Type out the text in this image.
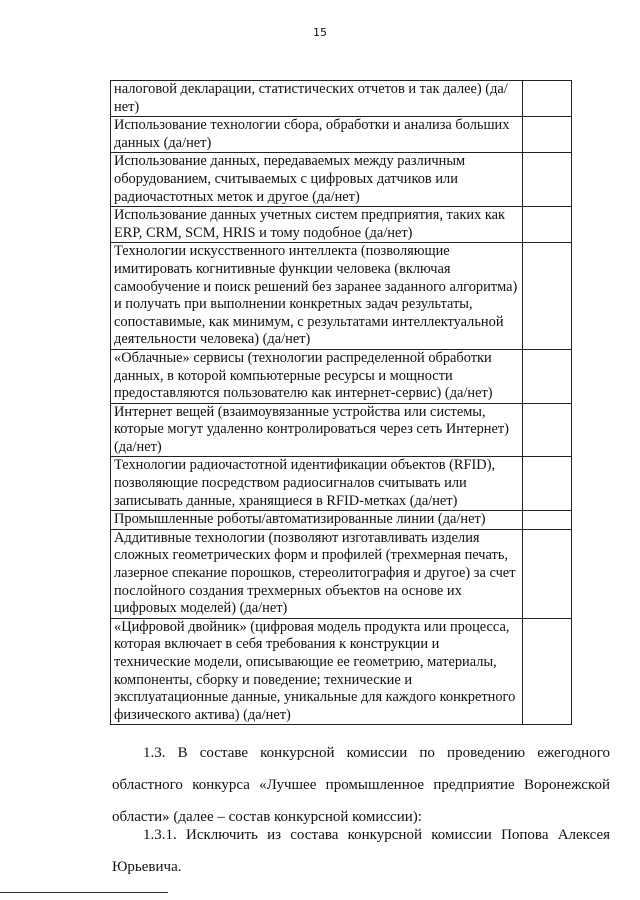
15
налоговой декларации, статистических отчетов и так далее) (да/нет)	
Использование технологии сбора, обработки и анализа больших данных (да/нет)	
Использование данных, передаваемых между различным оборудованием, считываемых с цифровых датчиков или радиочастотных меток и другое (да/нет)	
Использование данных учетных систем предприятия, таких как ERP, CRM, SCM, HRIS и тому подобное (да/нет)	
Технологии искусственного интеллекта (позволяющие имитировать когнитивные функции человека (включая самообучение и поиск решений без заранее заданного алгоритма) и получать при выполнении конкретных задач результаты, сопоставимые, как минимум, с результатами интеллектуальной деятельности человека) (да/нет)	
«Облачные» сервисы (технологии распределенной обработки данных, в которой компьютерные ресурсы и мощности предоставляются пользователю как интернет-сервис) (да/нет)	
Интернет вещей (взаимоувязанные устройства или системы, которые могут удаленно контролироваться через сеть Интернет) (да/нет)	
Технологии радиочастотной идентификации объектов (RFID), позволяющие посредством радиосигналов считывать или записывать данные, хранящиеся в RFID-метках (да/нет)	
Промышленные роботы/автоматизированные линии (да/нет)	
Аддитивные технологии (позволяют изготавливать изделия сложных геометрических форм и профилей (трехмерная печать, лазерное спекание порошков, стереолитография и другое) за счет послойного создания трехмерных объектов на основе их цифровых моделей) (да/нет)	
«Цифровой двойник» (цифровая модель продукта или процесса, которая включает в себя требования к конструкции и технические модели, описывающие ее геометрию, материалы, компоненты, сборку и поведение; технические и эксплуатационные данные, уникальные для каждого конкретного физического актива) (да/нет)	

1.3. В составе конкурсной комиссии по проведению ежегодного областного конкурса «Лучшее промышленное предприятие Воронежской области» (далее – состав конкурсной комиссии):

1.3.1. Исключить из состава конкурсной комиссии Попова Алексея Юрьевича.
